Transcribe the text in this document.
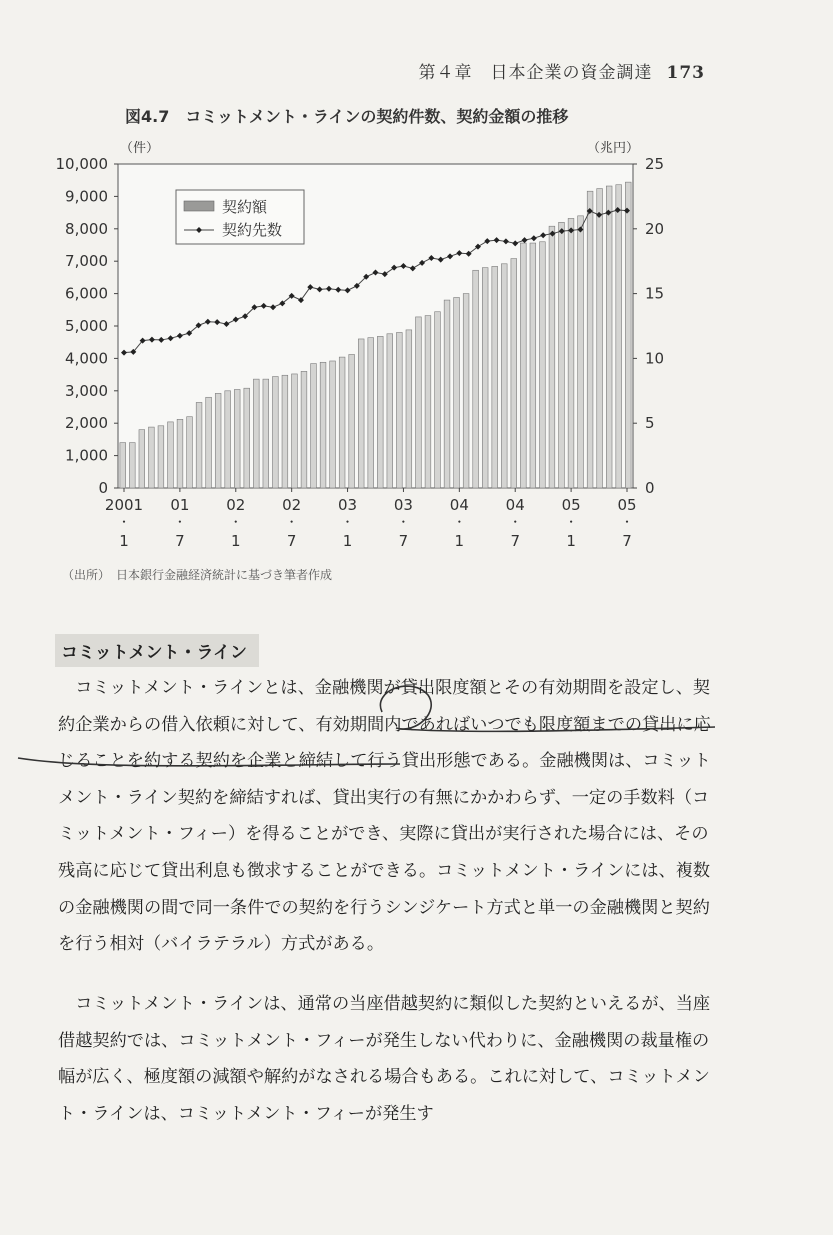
第４章　日本企業の資金調達 173
図4.7　コミットメント・ラインの契約件数、契約金額の推移
0
1,000
2,000
3,000
4,000
5,000
6,000
7,000
8,000
9,000
10,000
0
5
10
15
20
25
（件）	（兆円）
2001
・
1
01
・
7
02
・
1
02
・
7
03
・
1
03
・
7
04
・
1
04
・
7
05
・
1
05
・
7
契約額
契約先数
（出所）　日本銀行金融経済統計に基づき筆者作成
コミットメント・ライン

　コミットメント・ラインとは、金融機関が貸出限度額とその有効期間を設定し、契約企業からの借入依頼に対して、有効期間内であればいつでも限度額までの貸出に応じることを約する契約を企業と締結して行う貸出形態である。金融機関は、コミットメント・ライン契約を締結すれば、貸出実行の有無にかかわらず、一定の手数料（コミットメント・フィー）を得ることができ、実際に貸出が実行された場合には、その残高に応じて貸出利息も徴求することができる。コミットメント・ラインには、複数の金融機関の間で同一条件での契約を行うシンジケート方式と単一の金融機関と契約を行う相対（バイラテラル）方式がある。

　コミットメント・ラインは、通常の当座借越契約に類似した契約といえるが、当座借越契約では、コミットメント・フィーが発生しない代わりに、金融機関の裁量権の幅が広く、極度額の減額や解約がなされる場合もある。これに対して、コミットメント・ラインは、コミットメント・フィーが発生す
